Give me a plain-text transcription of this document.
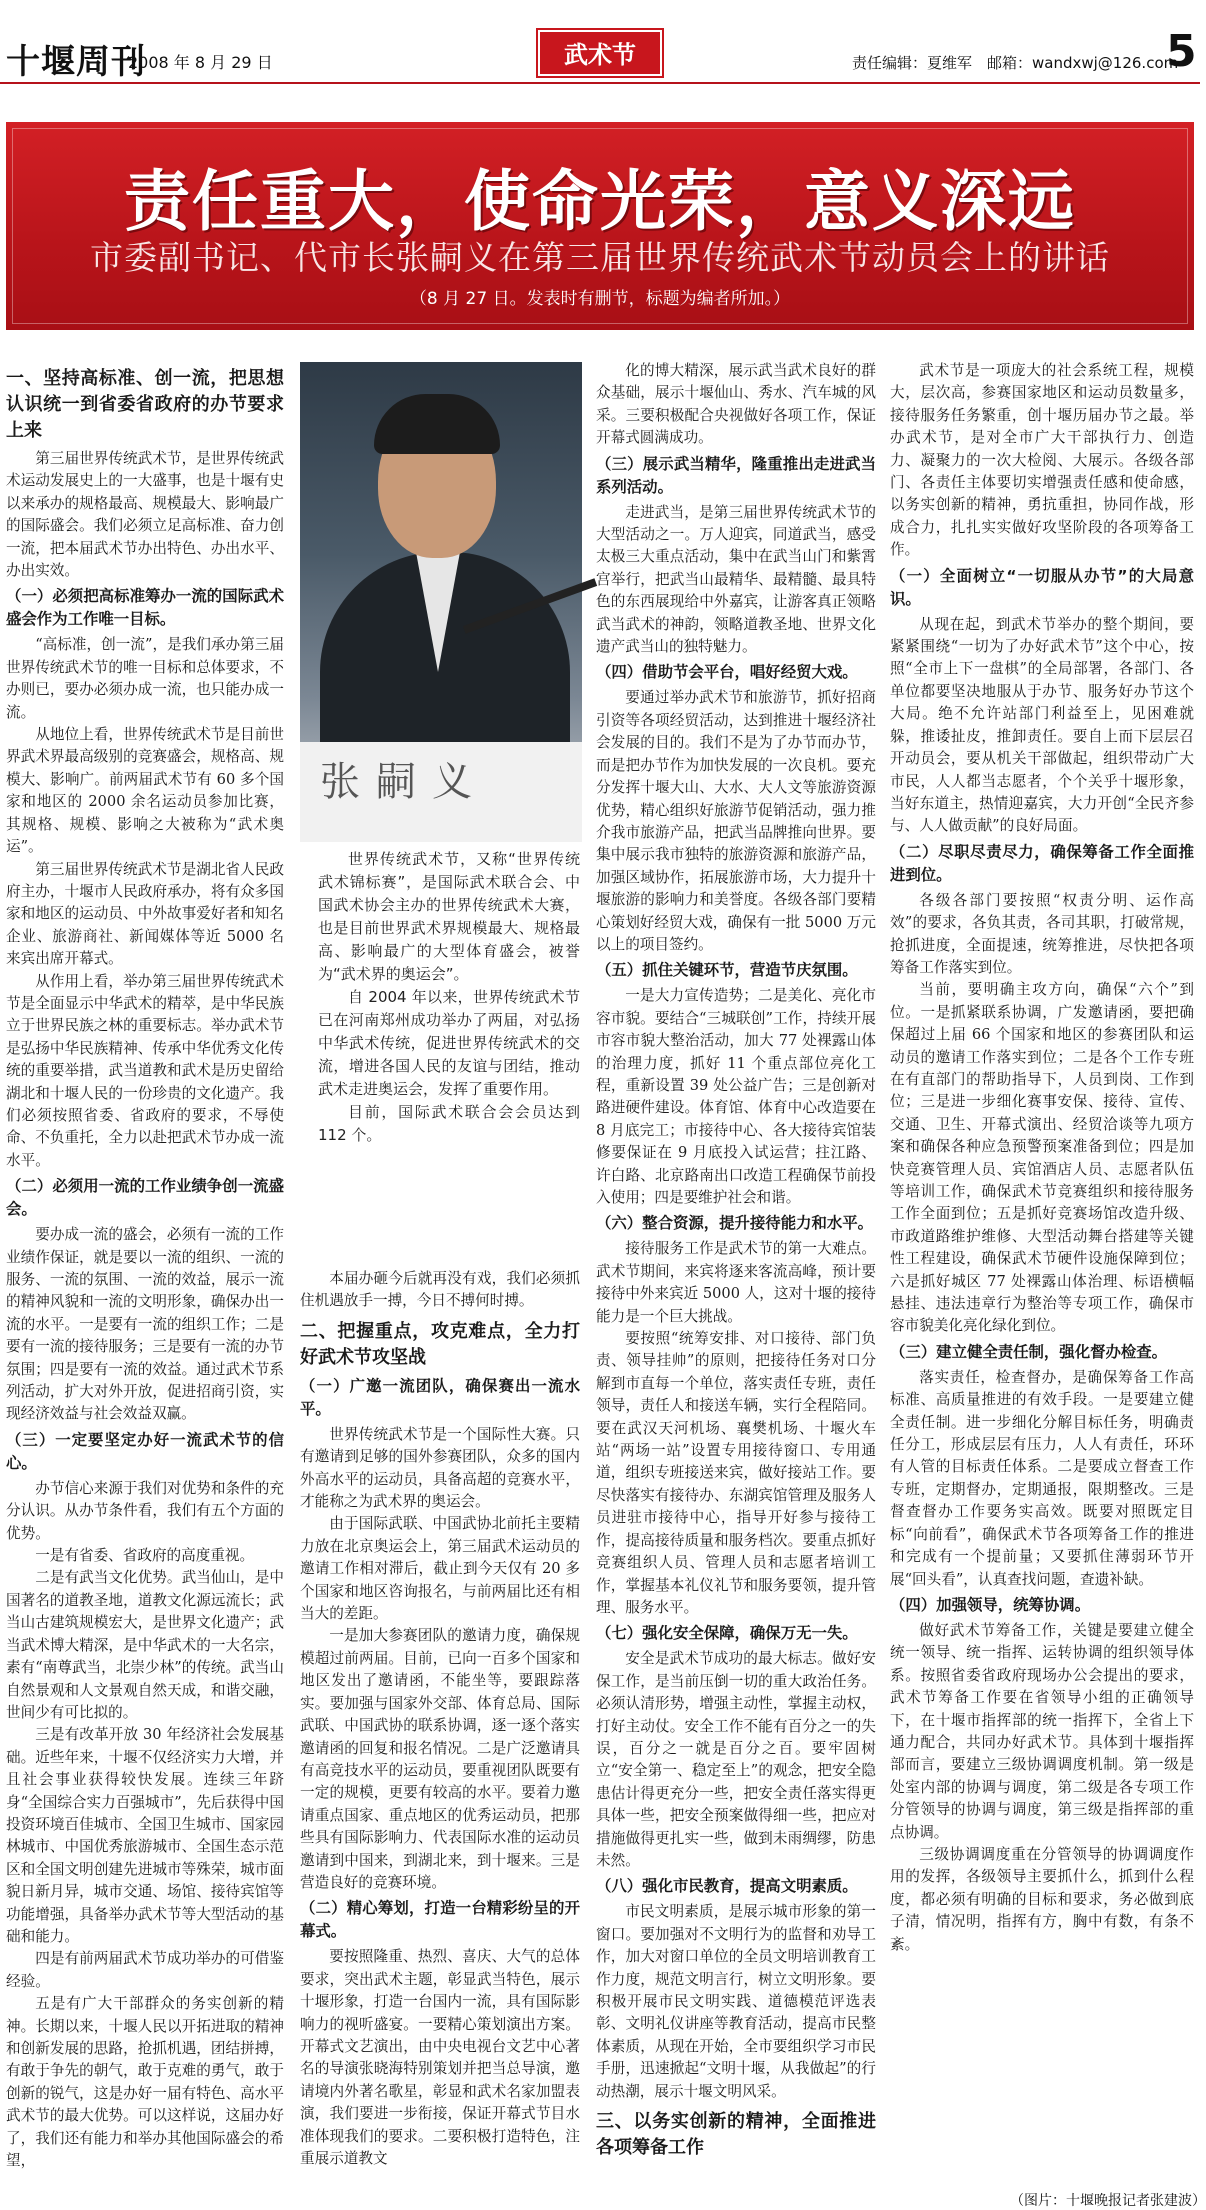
十堰周刊
2008 年 8 月 29 日	武术节	责任编辑：夏维军　邮箱：wandxwj@126.com
5
责任重大，使命光荣，意义深远
市委副书记、代市长张嗣义在第三届世界传统武术节动员会上的讲话
（8 月 27 日。发表时有删节，标题为编者所加。）
一、坚持高标准、创一流，把思想认识统一到省委省政府的办节要求上来

第三届世界传统武术节，是世界传统武术运动发展史上的一大盛事，也是十堰有史以来承办的规格最高、规模最大、影响最广的国际盛会。我们必须立足高标准、奋力创一流，把本届武术节办出特色、办出水平、办出实效。

（一）必须把高标准筹办一流的国际武术盛会作为工作唯一目标。

“高标准，创一流”，是我们承办第三届世界传统武术节的唯一目标和总体要求，不办则已，要办必须办成一流，也只能办成一流。

从地位上看，世界传统武术节是目前世界武术界最高级别的竞赛盛会，规格高、规模大、影响广。前两届武术节有 60 多个国家和地区的 2000 余名运动员参加比赛，其规格、规模、影响之大被称为“武术奥运”。

第三届世界传统武术节是湖北省人民政府主办，十堰市人民政府承办，将有众多国家和地区的运动员、中外故事爱好者和知名企业、旅游商社、新闻媒体等近 5000 名来宾出席开幕式。

从作用上看，举办第三届世界传统武术节是全面显示中华武术的精萃，是中华民族立于世界民族之林的重要标志。举办武术节是弘扬中华民族精神、传承中华优秀文化传统的重要举措，武当道教和武术是历史留给湖北和十堰人民的一份珍贵的文化遗产。我们必须按照省委、省政府的要求，不辱使命、不负重托，全力以赴把武术节办成一流水平。

（二）必须用一流的工作业绩争创一流盛会。

要办成一流的盛会，必须有一流的工作业绩作保证，就是要以一流的组织、一流的服务、一流的氛围、一流的效益，展示一流的精神风貌和一流的文明形象，确保办出一流的水平。一是要有一流的组织工作；二是要有一流的接待服务；三是要有一流的办节氛围；四是要有一流的效益。通过武术节系列活动，扩大对外开放，促进招商引资，实现经济效益与社会效益双赢。

（三）一定要坚定办好一流武术节的信心。

办节信心来源于我们对优势和条件的充分认识。从办节条件看，我们有五个方面的优势。

一是有省委、省政府的高度重视。

二是有武当文化优势。武当仙山，是中国著名的道教圣地，道教文化源远流长；武当山古建筑规模宏大，是世界文化遗产；武当武术博大精深，是中华武术的一大名宗，素有“南尊武当，北崇少林”的传统。武当山自然景观和人文景观自然天成，和谐交融，世间少有可比拟的。

三是有改革开放 30 年经济社会发展基础。近些年来，十堰不仅经济实力大增，并且社会事业获得较快发展。连续三年跻身“全国综合实力百强城市”，先后获得中国投资环境百佳城市、全国卫生城市、国家园林城市、中国优秀旅游城市、全国生态示范区和全国文明创建先进城市等殊荣，城市面貌日新月异，城市交通、场馆、接待宾馆等功能增强，具备举办武术节等大型活动的基础和能力。

四是有前两届武术节成功举办的可借鉴经验。

五是有广大干部群众的务实创新的精神。长期以来，十堰人民以开拓进取的精神和创新发展的思路，抢抓机遇，团结拼搏，有敢于争先的朝气，敢于克难的勇气，敢于创新的锐气，这是办好一届有特色、高水平武术节的最大优势。可以这样说，这届办好了，我们还有能力和举办其他国际盛会的希望，

张嗣义

世界传统武术节，又称“世界传统武术锦标赛”，是国际武术联合会、中国武术协会主办的世界传统武术大赛，也是目前世界武术界规模最大、规格最高、影响最广的大型体育盛会，被誉为“武术界的奥运会”。

自 2004 年以来，世界传统武术节已在河南郑州成功举办了两届，对弘扬中华武术传统，促进世界传统武术的交流，增进各国人民的友谊与团结，推动武术走进奥运会，发挥了重要作用。

目前，国际武术联合会会员达到 112 个。

本届办砸今后就再没有戏，我们必须抓住机遇放手一搏，今日不搏何时搏。

二、把握重点，攻克难点，全力打好武术节攻坚战
（一）广邀一流团队，确保赛出一流水平。

世界传统武术节是一个国际性大赛。只有邀请到足够的国外参赛团队，众多的国内外高水平的运动员，具备高超的竞赛水平，才能称之为武术界的奥运会。

由于国际武联、中国武协北前托主要精力放在北京奥运会上，第三届武术运动员的邀请工作相对滞后，截止到今天仅有 20 多个国家和地区咨询报名，与前两届比还有相当大的差距。

一是加大参赛团队的邀请力度，确保规模超过前两届。目前，已向一百多个国家和地区发出了邀请函，不能坐等，要跟踪落实。要加强与国家外交部、体育总局、国际武联、中国武协的联系协调，逐一逐个落实邀请函的回复和报名情况。二是广泛邀请具有高竞技水平的运动员，要重视团队既要有一定的规模，更要有较高的水平。要着力邀请重点国家、重点地区的优秀运动员，把那些具有国际影响力、代表国际水准的运动员邀请到中国来，到湖北来，到十堰来。三是营造良好的竞赛环境。

（二）精心筹划，打造一台精彩纷呈的开幕式。

要按照隆重、热烈、喜庆、大气的总体要求，突出武术主题，彰显武当特色，展示十堰形象，打造一台国内一流，具有国际影响力的视听盛宴。一要精心策划演出方案。开幕式文艺演出，由中央电视台文艺中心著名的导演张晓海特别策划并把当总导演，邀请境内外著名歌星，彰显和武术名家加盟表演，我们要进一步衔接，保证开幕式节目水准体现我们的要求。二要积极打造特色，注重展示道教文

化的博大精深，展示武当武术良好的群众基础，展示十堰仙山、秀水、汽车城的风采。三要积极配合央视做好各项工作，保证开幕式圆满成功。

（三）展示武当精华，隆重推出走进武当系列活动。

走进武当，是第三届世界传统武术节的大型活动之一。万人迎宾，同道武当，感受太极三大重点活动，集中在武当山门和紫霄宫举行，把武当山最精华、最精髓、最具特色的东西展现给中外嘉宾，让游客真正领略武当武术的神韵，领略道教圣地、世界文化遗产武当山的独特魅力。

（四）借助节会平台，唱好经贸大戏。

要通过举办武术节和旅游节，抓好招商引资等各项经贸活动，达到推进十堰经济社会发展的目的。我们不是为了办节而办节，而是把办节作为加快发展的一次良机。要充分发挥十堰大山、大水、大人文等旅游资源优势，精心组织好旅游节促销活动，强力推介我市旅游产品，把武当品牌推向世界。要集中展示我市独特的旅游资源和旅游产品，加强区域协作，拓展旅游市场，大力提升十堰旅游的影响力和美誉度。各级各部门要精心策划好经贸大戏，确保有一批 5000 万元以上的项目签约。

（五）抓住关键环节，营造节庆氛围。

一是大力宣传造势；二是美化、亮化市容市貌。要结合“三城联创”工作，持续开展市容市貌大整治活动，加大 77 处裸露山体的治理力度，抓好 11 个重点部位亮化工程，重新设置 39 处公益广告；三是创新对路进硬件建设。体育馆、体育中心改造要在 8 月底完工；市接待中心、各大接待宾馆装修要保证在 9 月底投入试运营；拄江路、许白路、北京路南出口改造工程确保节前投入使用；四是要维护社会和谐。

（六）整合资源，提升接待能力和水平。

接待服务工作是武术节的第一大难点。武术节期间，来宾将逐来客流高峰，预计要接待中外来宾近 5000 人，这对十堰的接待能力是一个巨大挑战。

要按照“统筹安排、对口接待、部门负责、领导挂帅”的原则，把接待任务对口分解到市直每一个单位，落实责任专班，责任领导，责任人和接送车辆，实行全程陪同。要在武汉天河机场、襄樊机场、十堰火车站“两场一站”设置专用接待窗口、专用通道，组织专班接送来宾，做好接站工作。要尽快落实有接待办、东湖宾馆管理及服务人员进驻市接待中心，指导开好参与接待工作，提高接待质量和服务档次。要重点抓好竞赛组织人员、管理人员和志愿者培训工作，掌握基本礼仪礼节和服务要领，提升管理、服务水平。

（七）强化安全保障，确保万无一失。

安全是武术节成功的最大标志。做好安保工作，是当前压倒一切的重大政治任务。必须认清形势，增强主动性，掌握主动权，打好主动仗。安全工作不能有百分之一的失误，百分之一就是百分之百。要牢固树立“安全第一、稳定至上”的观念，把安全隐患估计得更充分一些，把安全责任落实得更具体一些，把安全预案做得细一些，把应对措施做得更扎实一些，做到未雨绸缪，防患未然。

（八）强化市民教育，提高文明素质。

市民文明素质，是展示城市形象的第一窗口。要加强对不文明行为的监督和劝导工作，加大对窗口单位的全员文明培训教育工作力度，规范文明言行，树立文明形象。要积极开展市民文明实践、道德模范评选表彰、文明礼仪讲座等教育活动，提高市民整体素质，从现在开始，全市要组织学习市民手册，迅速掀起“文明十堰，从我做起”的行动热潮，展示十堰文明风采。

三、以务实创新的精神，全面推进各项筹备工作

武术节是一项庞大的社会系统工程，规模大，层次高，参赛国家地区和运动员数量多，接待服务任务繁重，创十堰历届办节之最。举办武术节，是对全市广大干部执行力、创造力、凝聚力的一次大检阅、大展示。各级各部门、各责任主体要切实增强责任感和使命感，以务实创新的精神，勇抗重担，协同作战，形成合力，扎扎实实做好攻坚阶段的各项筹备工作。

（一）全面树立“一切服从办节”的大局意识。

从现在起，到武术节举办的整个期间，要紧紧围绕“一切为了办好武术节”这个中心，按照“全市上下一盘棋”的全局部署，各部门、各单位都要坚决地服从于办节、服务好办节这个大局。绝不允许站部门利益至上，见困难就躲，推诿扯皮，推卸责任。要自上而下层层召开动员会，要从机关干部做起，组织带动广大市民，人人都当志愿者，个个关乎十堰形象，当好东道主，热情迎嘉宾，大力开创“全民齐参与、人人做贡献”的良好局面。

（二）尽职尽责尽力，确保筹备工作全面推进到位。

各级各部门要按照“权责分明、运作高效”的要求，各负其责，各司其职，打破常规，抢抓进度，全面提速，统筹推进，尽快把各项筹备工作落实到位。

当前，要明确主攻方向，确保“六个”到位。一是抓紧联系协调，广发邀请函，要把确保超过上届 66 个国家和地区的参赛团队和运动员的邀请工作落实到位；二是各个工作专班在有直部门的帮助指导下，人员到岗、工作到位；三是进一步细化赛事安保、接待、宣传、交通、卫生、开幕式演出、经贸洽谈等九项方案和确保各种应急预警预案准备到位；四是加快竞赛管理人员、宾馆酒店人员、志愿者队伍等培训工作，确保武术节竞赛组织和接待服务工作全面到位；五是抓好竞赛场馆改造升级、市政道路维护维修、大型活动舞台搭建等关键性工程建设，确保武术节硬件设施保障到位；六是抓好城区 77 处裸露山体治理、标语横幅悬挂、违法违章行为整治等专项工作，确保市容市貌美化亮化绿化到位。

（三）建立健全责任制，强化督办检查。

落实责任，检查督办，是确保筹备工作高标准、高质量推进的有效手段。一是要建立健全责任制。进一步细化分解目标任务，明确责任分工，形成层层有压力，人人有责任，环环有人管的目标责任体系。二是要成立督查工作专班，定期督办，定期通报，限期整改。三是督查督办工作要务实高效。既要对照既定目标“向前看”，确保武术节各项筹备工作的推进和完成有一个提前量；又要抓住薄弱环节开展“回头看”，认真查找问题，查遗补缺。

（四）加强领导，统筹协调。

做好武术节筹备工作，关键是要建立健全统一领导、统一指挥、运转协调的组织领导体系。按照省委省政府现场办公会提出的要求，武术节筹备工作要在省领导小组的正确领导下，在十堰市指挥部的统一指挥下，全省上下通力配合，共同办好武术节。具体到十堰指挥部而言，要建立三级协调调度机制。第一级是处室内部的协调与调度，第二级是各专项工作分管领导的协调与调度，第三级是指挥部的重点协调。

三级协调调度重在分管领导的协调调度作用的发挥，各级领导主要抓什么，抓到什么程度，都必须有明确的目标和要求，务必做到底子清，情况明，指挥有方，胸中有数，有条不紊。

（图片：十堰晚报记者张建波）
